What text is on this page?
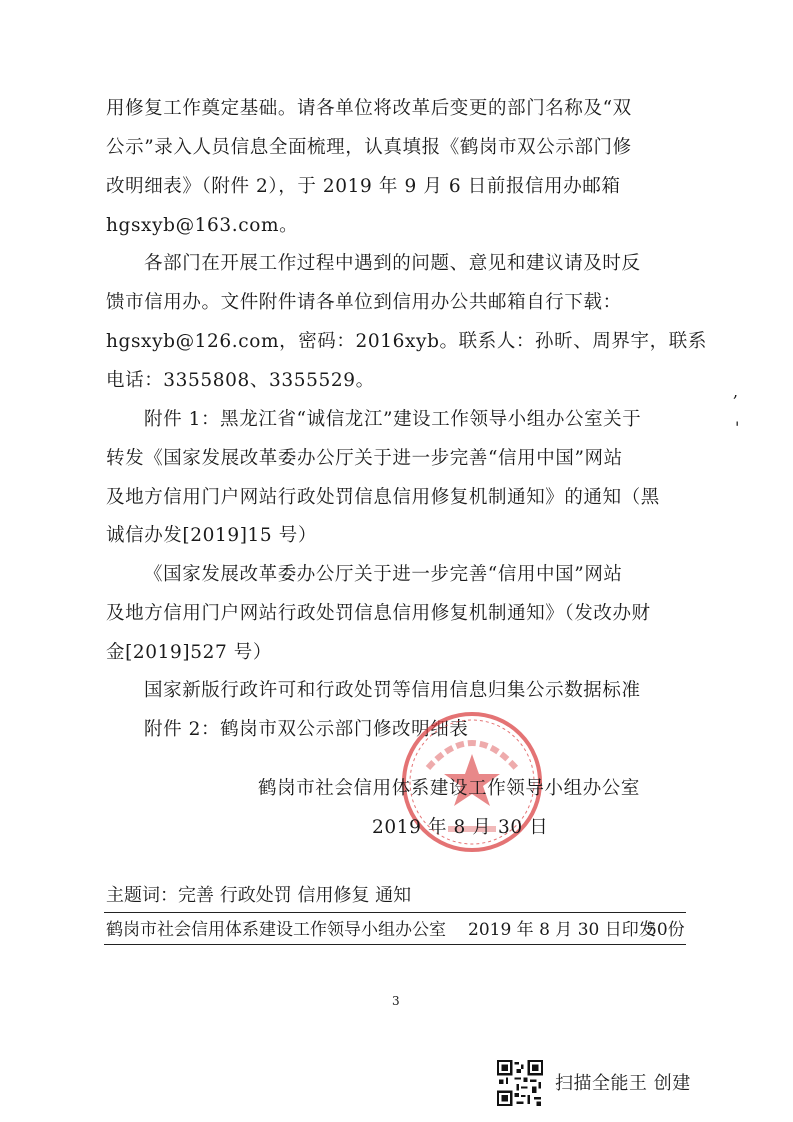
用修复工作奠定基础。请各单位将改革后变更的部门名称及“双
公示”录入人员信息全面梳理，认真填报《鹤岗市双公示部门修
改明细表》（附件 2），于 2019 年 9 月 6 日前报信用办邮箱
hgsxyb@163.com。
各部门在开展工作过程中遇到的问题、意见和建议请及时反
馈市信用办。文件附件请各单位到信用办公共邮箱自行下载：
hgsxyb@126.com，密码：2016xyb。联系人：孙昕、周界宇，联系
电话：3355808、3355529。
附件 1：黑龙江省“诚信龙江”建设工作领导小组办公室关于
转发《国家发展改革委办公厅关于进一步完善“信用中国”网站
及地方信用门户网站行政处罚信息信用修复机制通知》的通知（黑
诚信办发[2019]15 号）
《国家发展改革委办公厅关于进一步完善“信用中国”网站
及地方信用门户网站行政处罚信息信用修复机制通知》（发改办财
金[2019]527 号）
国家新版行政许可和行政处罚等信用信息归集公示数据标准
附件 2：鹤岗市双公示部门修改明细表
,
'
鹤岗市社会信用体系建设工作领导小组办公室
2019 年 8 月 30 日
主题词：完善 行政处罚 信用修复 通知
鹤岗市社会信用体系建设工作领导小组办公室 2019 年 8 月 30 日印发
50份
3
扫描全能王 创建
